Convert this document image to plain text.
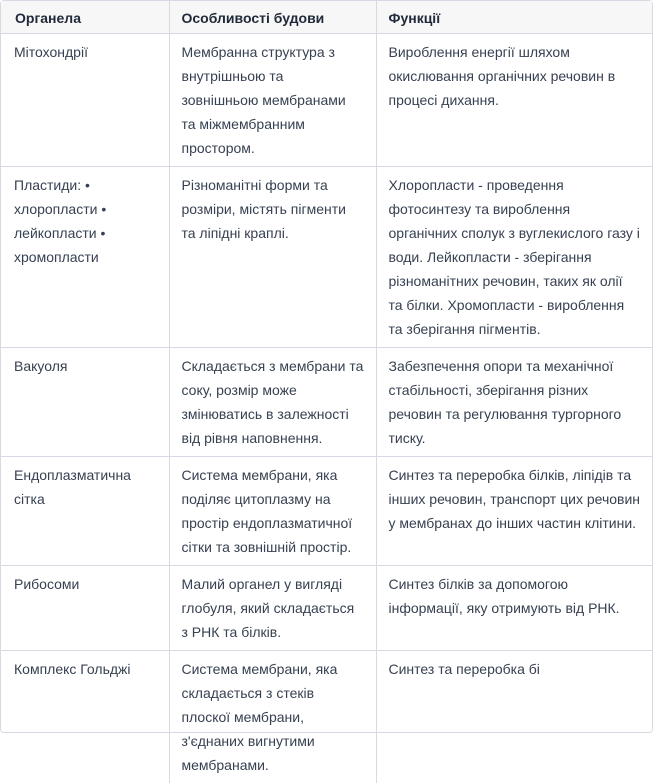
Органела	Особливості будови	Функції
Мітохондрії	Мембранна структура з внутрішньою та зовнішньою мембранами та міжмембранним простором.	Вироблення енергії шляхом окислювання органічних речовин в процесі дихання.
Пластиди: • хлоропласти • лейкопласти • хромопласти	Різноманітні форми та розміри, містять пігменти та ліпідні краплі.	Хлоропласти - проведення фотосинтезу та вироблення органічних сполук з вуглекислого газу і води. Лейкопласти - зберігання різноманітних речовин, таких як олії та білки. Хромопласти - вироблення та зберігання пігментів.
Вакуоля	Складається з мембрани та соку, розмір може змінюватись в залежності від рівня наповнення.	Забезпечення опори та механічної стабільності, зберігання різних речовин та регулювання тургорного тиску.
Ендоплазматична сітка	Система мембрани, яка поділяє цитоплазму на простір ендоплазматичної сітки та зовнішній простір.	Синтез та переробка білків, ліпідів та інших речовин, транспорт цих речовин у мембранах до інших частин клітини.
Рибосоми	Малий органел у вигляді глобуля, який складається з РНК та білків.	Синтез білків за допомогою інформації, яку отримують від РНК.
Комплекс Гольджі	Система мембрани, яка складається з стеків плоскої мембрани, з'єднаних вигнутими мембранами.	Синтез та переробка бі
